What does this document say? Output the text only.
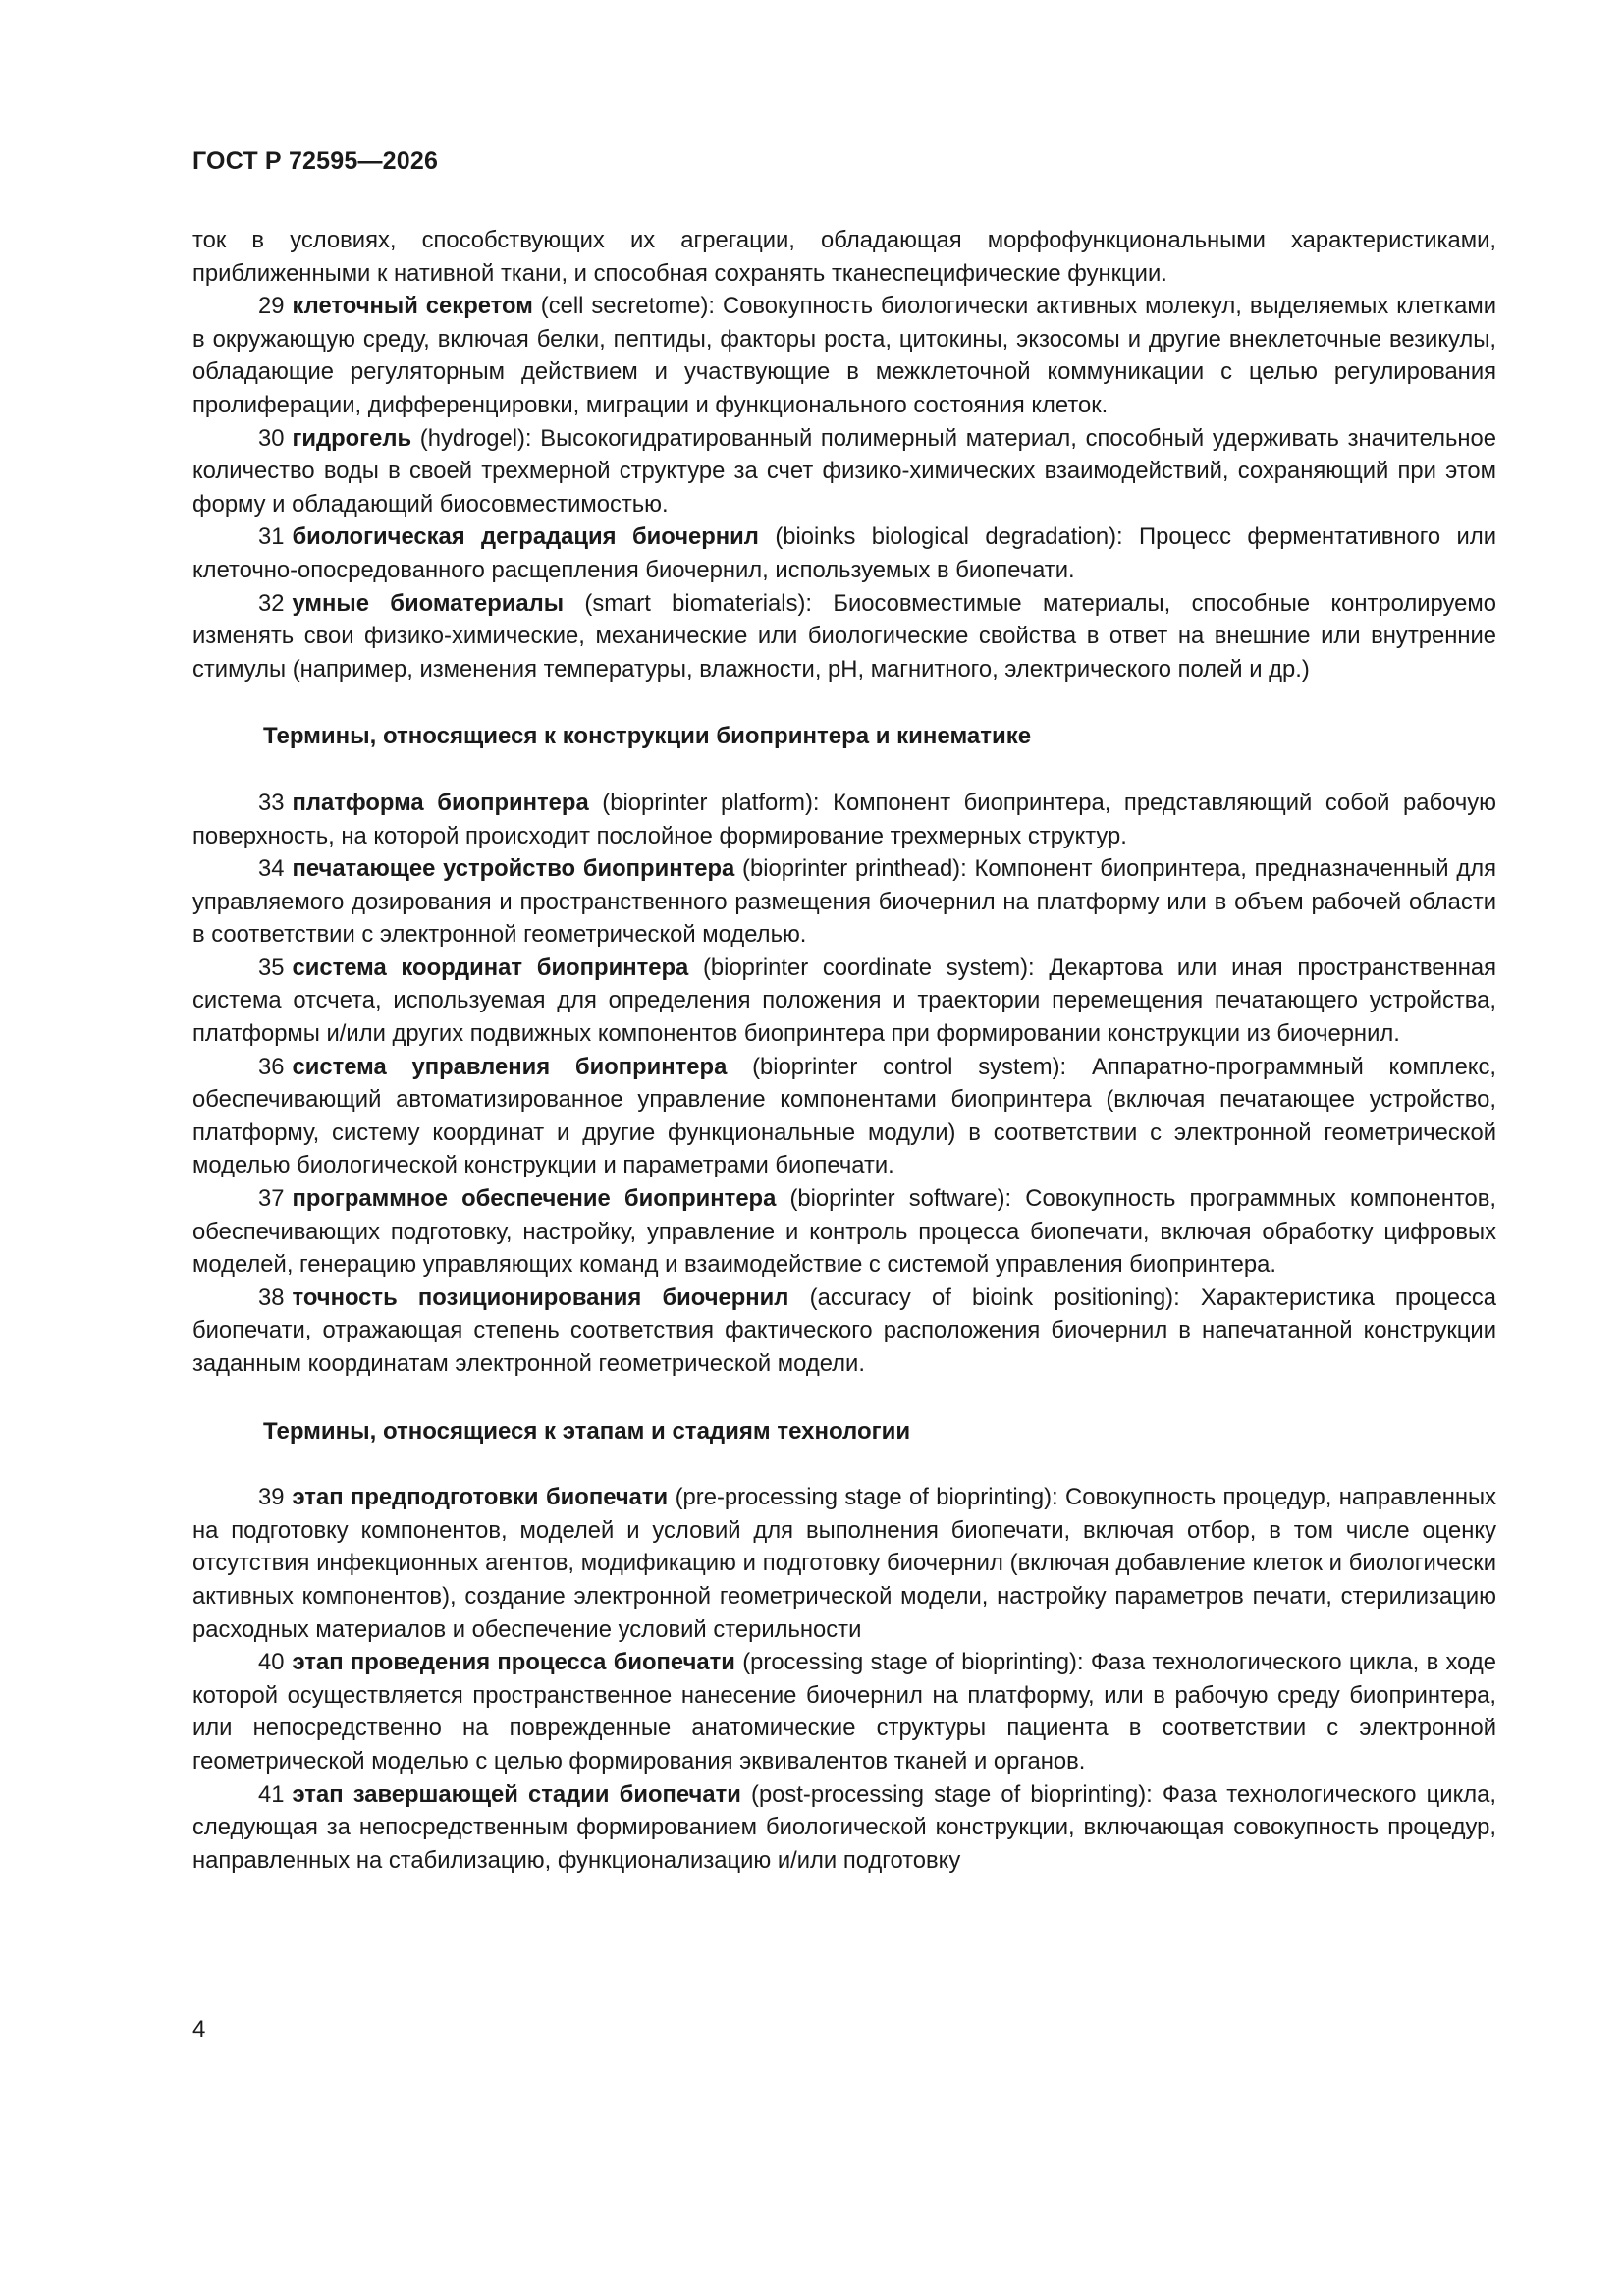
ГОСТ Р 72595—2026

ток в условиях, способствующих их агрегации, обладающая морфофункциональными характеристиками, приближенными к нативной ткани, и способная сохранять тканеспецифические функции.

29 клеточный секретом (cell secretome): Совокупность биологически активных молекул, выделяемых клетками в окружающую среду, включая белки, пептиды, факторы роста, цитокины, экзосомы и другие внеклеточные везикулы, обладающие регуляторным действием и участвующие в межклеточной коммуникации с целью регулирования пролиферации, дифференцировки, миграции и функционального состояния клеток.

30 гидрогель (hydrogel): Высокогидратированный полимерный материал, способный удерживать значительное количество воды в своей трехмерной структуре за счет физико-химических взаимодействий, сохраняющий при этом форму и обладающий биосовместимостью.

31 биологическая деградация биочернил (bioinks biological degradation): Процесс ферментативного или клеточно-опосредованного расщепления биочернил, используемых в биопечати.

32 умные биоматериалы (smart biomaterials): Биосовместимые материалы, способные контролируемо изменять свои физико-химические, механические или биологические свойства в ответ на внешние или внутренние стимулы (например, изменения температуры, влажности, pH, магнитного, электрического полей и др.)

Термины, относящиеся к конструкции биопринтера и кинематике

33 платформа биопринтера (bioprinter platform): Компонент биопринтера, представляющий собой рабочую поверхность, на которой происходит послойное формирование трехмерных структур.

34 печатающее устройство биопринтера (bioprinter printhead): Компонент биопринтера, предназначенный для управляемого дозирования и пространственного размещения биочернил на платформу или в объем рабочей области в соответствии с электронной геометрической моделью.

35 система координат биопринтера (bioprinter coordinate system): Декартова или иная пространственная система отсчета, используемая для определения положения и траектории перемещения печатающего устройства, платформы и/или других подвижных компонентов биопринтера при формировании конструкции из биочернил.

36 система управления биопринтера (bioprinter control system): Аппаратно-программный комплекс, обеспечивающий автоматизированное управление компонентами биопринтера (включая печатающее устройство, платформу, систему координат и другие функциональные модули) в соответствии с электронной геометрической моделью биологической конструкции и параметрами биопечати.

37 программное обеспечение биопринтера (bioprinter software): Совокупность программных компонентов, обеспечивающих подготовку, настройку, управление и контроль процесса биопечати, включая обработку цифровых моделей, генерацию управляющих команд и взаимодействие с системой управления биопринтера.

38 точность позиционирования биочернил (accuracy of bioink positioning): Характеристика процесса биопечати, отражающая степень соответствия фактического расположения биочернил в напечатанной конструкции заданным координатам электронной геометрической модели.

Термины, относящиеся к этапам и стадиям технологии

39 этап предподготовки биопечати (pre-processing stage of bioprinting): Совокупность процедур, направленных на подготовку компонентов, моделей и условий для выполнения биопечати, включая отбор, в том числе оценку отсутствия инфекционных агентов, модификацию и подготовку биочернил (включая добавление клеток и биологически активных компонентов), создание электронной геометрической модели, настройку параметров печати, стерилизацию расходных материалов и обеспечение условий стерильности

40 этап проведения процесса биопечати (processing stage of bioprinting): Фаза технологического цикла, в ходе которой осуществляется пространственное нанесение биочернил на платформу, или в рабочую среду биопринтера, или непосредственно на поврежденные анатомические структуры пациента в соответствии с электронной геометрической моделью с целью формирования эквивалентов тканей и органов.

41 этап завершающей стадии биопечати (post-processing stage of bioprinting): Фаза технологического цикла, следующая за непосредственным формированием биологической конструкции, включающая совокупность процедур, направленных на стабилизацию, функционализацию и/или подготовку

4
